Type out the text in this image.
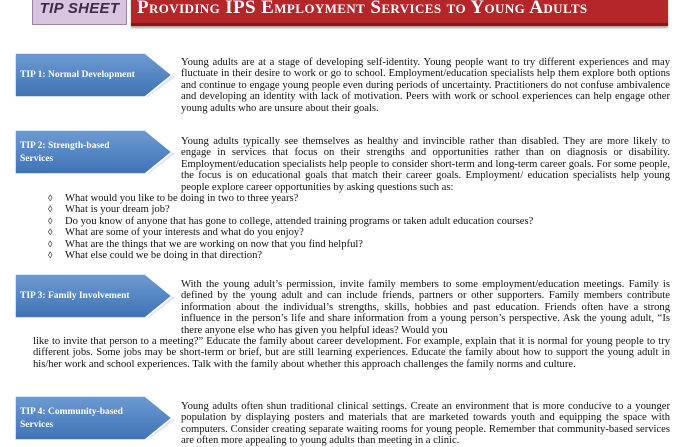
TIP SHEET Providing IPS Employment Services to Young Adults
TIP 1: Normal Development

Young adults are at a stage of developing self-identity. Young people want to try different experiences and may fluctuate in their desire to work or go to school. Employment/education specialists help them explore both options and continue to engage young people even during periods of uncertainty. Practitioners do not confuse ambivalence and developing an identity with lack of motivation. Peers with work or school experiences can help engage other young adults who are unsure about their goals.

TIP 2: Strength-based Services

Young adults typically see themselves as healthy and invincible rather than disabled. They are more likely to engage in services that focus on their strengths and opportunities rather than on diagnosis or disability. Employment/education specialists help people to consider short-term and long-term career goals. For some people, the focus is on educational goals that match their career goals. Employment/ education specialists help young people explore career opportunities by asking questions such as:

◊ What would you like to be doing in two to three years?
◊ What is your dream job?
◊ Do you know of anyone that has gone to college, attended training programs or taken adult education courses?
◊ What are some of your interests and what do you enjoy?
◊ What are the things that we are working on now that you find helpful?
◊ What else could we be doing in that direction?
TIP 3: Family Involvement

With the young adult’s permission, invite family members to some employment/education meetings. Family is defined by the young adult and can include friends, partners or other supporters. Family members contribute information about the individual’s strengths, skills, hobbies and past education. Friends often have a strong influence in the person’s life and share information from a young person’s perspective. Ask the young adult, “Is there anyone else who has given you helpful ideas? Would you

like to invite that person to a meeting?” Educate the family about career development. For example, explain that it is normal for young people to try different jobs. Some jobs may be short-term or brief, but are still learning experiences. Educate the family about how to support the young adult in his/her work and school experiences. Talk with the family about whether this approach challenges the family norms and culture.

TIP 4: Community-based Services

Young adults often shun traditional clinical settings. Create an environment that is more conducive to a younger population by displaying posters and materials that are marketed towards youth and equipping the space with computers. Consider creating separate waiting rooms for young people. Remember that community-based services are often more appealing to young adults than meeting in a clinic.
